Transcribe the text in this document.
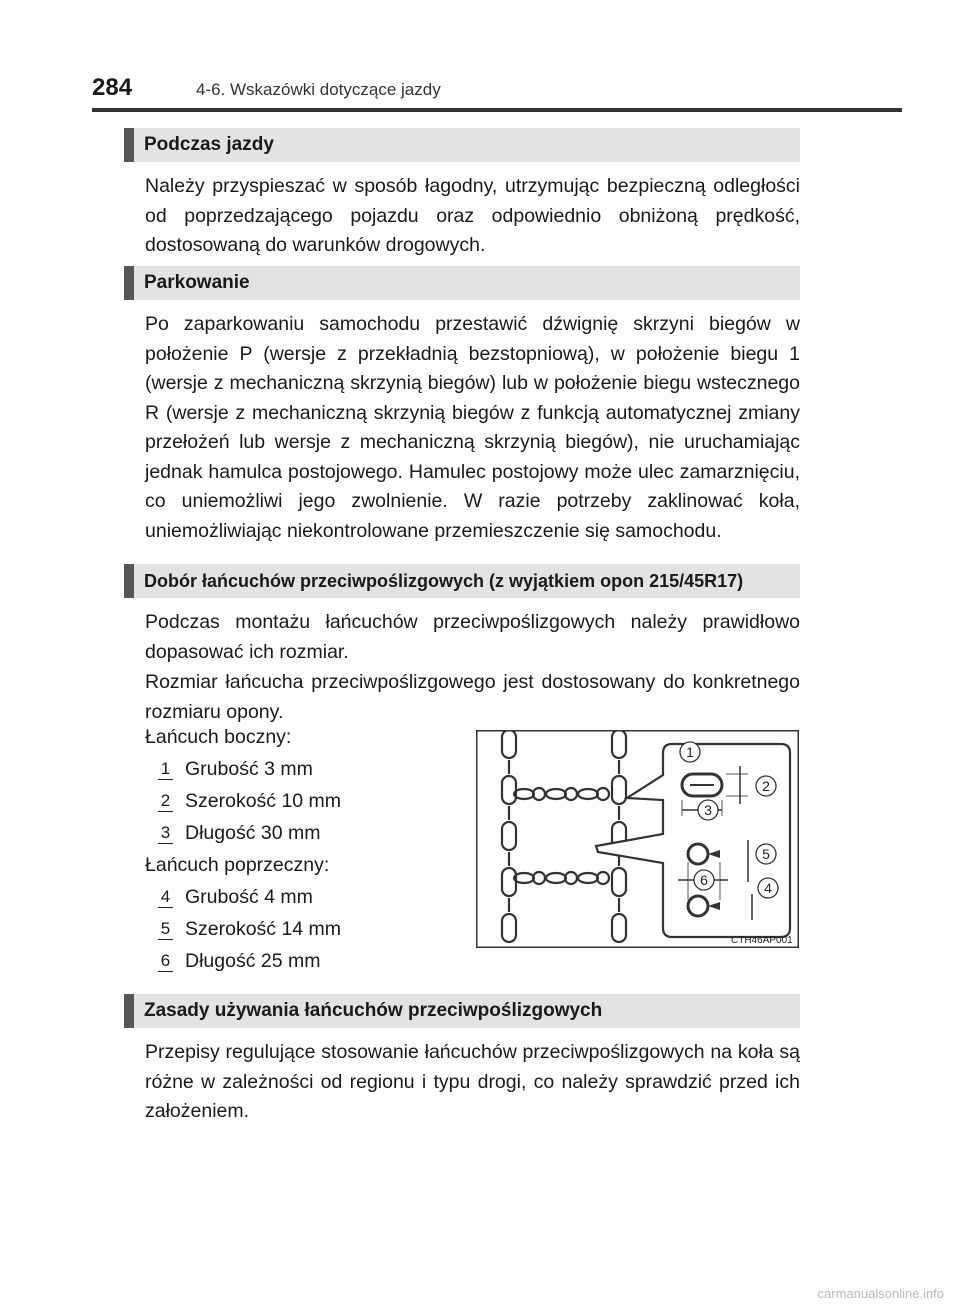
284	4-6. Wskazówki dotyczące jazdy
Podczas jazdy

Należy przyspieszać w sposób łagodny, utrzymując bezpieczną odległości od poprzedzającego pojazdu oraz odpowiednio obniżoną prędkość, dostosowaną do warunków drogowych.

Parkowanie

Po zaparkowaniu samochodu przestawić dźwignię skrzyni biegów w położenie P (wersje z przekładnią bezstopniową), w położenie biegu 1 (wersje z mechaniczną skrzynią biegów) lub w położenie biegu wstecznego R (wersje z mechaniczną skrzynią biegów z funkcją automatycznej zmiany przełożeń lub wersje z mechaniczną skrzynią biegów), nie uruchamiając jednak hamulca postojowego. Hamulec postojowy może ulec zamarznięciu, co uniemożliwi jego zwolnienie. W razie potrzeby zaklinować koła, uniemożliwiając niekontrolowane przemieszczenie się samochodu.

Dobór łańcuchów przeciwpoślizgowych (z wyjątkiem opon 215/45R17)

Podczas montażu łańcuchów przeciwpoślizgowych należy prawidłowo dopasować ich rozmiar.

Rozmiar łańcucha przeciwpoślizgowego jest dostosowany do konkretnego rozmiaru opony.

Łańcuch boczny:
1 Grubość 3 mm
2 Szerokość 10 mm
3 Długość 30 mm
Łańcuch poprzeczny:
4 Grubość 4 mm
5 Szerokość 14 mm
6 Długość 25 mm
1
2
3
5
6	4
CTH46AP001
Zasady używania łańcuchów przeciwpoślizgowych

Przepisy regulujące stosowanie łańcuchów przeciwpoślizgowych na koła są różne w zależności od regionu i typu drogi, co należy sprawdzić przed ich założeniem.

carmanualsonline.info
